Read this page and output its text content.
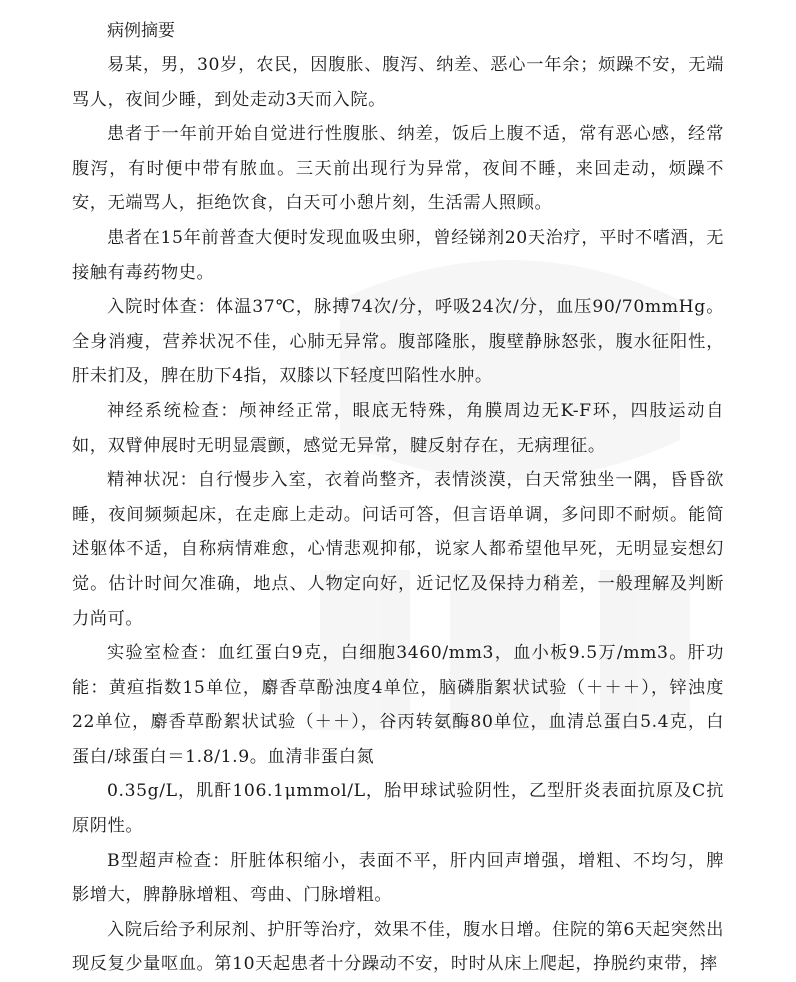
病例摘要

易某，男，30岁，农民，因腹胀、腹泻、纳差、恶心一年余；烦躁不安，无端骂人，夜间少睡，到处走动3天而入院。

患者于一年前开始自觉进行性腹胀、纳差，饭后上腹不适，常有恶心感，经常腹泻，有时便中带有脓血。三天前出现行为异常，夜间不睡，来回走动，烦躁不安，无端骂人，拒绝饮食，白天可小憩片刻，生活需人照顾。

患者在15年前普查大便时发现血吸虫卵，曾经锑剂20天治疗，平时不嗜酒，无接触有毒药物史。

入院时体查：体温37℃，脉搏74次/分，呼吸24次/分，血压90/70mmHg。全身消瘦，营养状况不佳，心肺无异常。腹部隆胀，腹壁静脉怒张，腹水征阳性，肝未扪及，脾在肋下4指，双膝以下轻度凹陷性水肿。

神经系统检查：颅神经正常，眼底无特殊，角膜周边无K-F环，四肢运动自如，双臂伸展时无明显震颤，感觉无异常，腱反射存在，无病理征。

精神状况：自行慢步入室，衣着尚整齐，表情淡漠，白天常独坐一隅，昏昏欲睡，夜间频频起床，在走廊上走动。问话可答，但言语单调，多问即不耐烦。能简述躯体不适，自称病情难愈，心情悲观抑郁，说家人都希望他早死，无明显妄想幻觉。估计时间欠准确，地点、人物定向好，近记忆及保持力稍差，一般理解及判断力尚可。

实验室检查：血红蛋白9克，白细胞3460/mm3，血小板9.5万/mm3。肝功能：黄疸指数15单位，麝香草酚浊度4单位，脑磷脂絮状试验（＋＋＋），锌浊度22单位，麝香草酚絮状试验（＋＋），谷丙转氨酶80单位，血清总蛋白5.4克，白蛋白/球蛋白＝1.8/1.9。血清非蛋白氮

0.35g/L，肌酐106.1μmmol/L，胎甲球试验阴性，乙型肝炎表面抗原及C抗原阴性。

B型超声检查：肝脏体积缩小，表面不平，肝内回声增强，增粗、不均匀，脾影增大，脾静脉增粗、弯曲、门脉增粗。

入院后给予利尿剂、护肝等治疗，效果不佳，腹水日增。住院的第6天起突然出现反复少量呕血。第10天起患者十分躁动不安，时时从床上爬起，挣脱约束带，摔
